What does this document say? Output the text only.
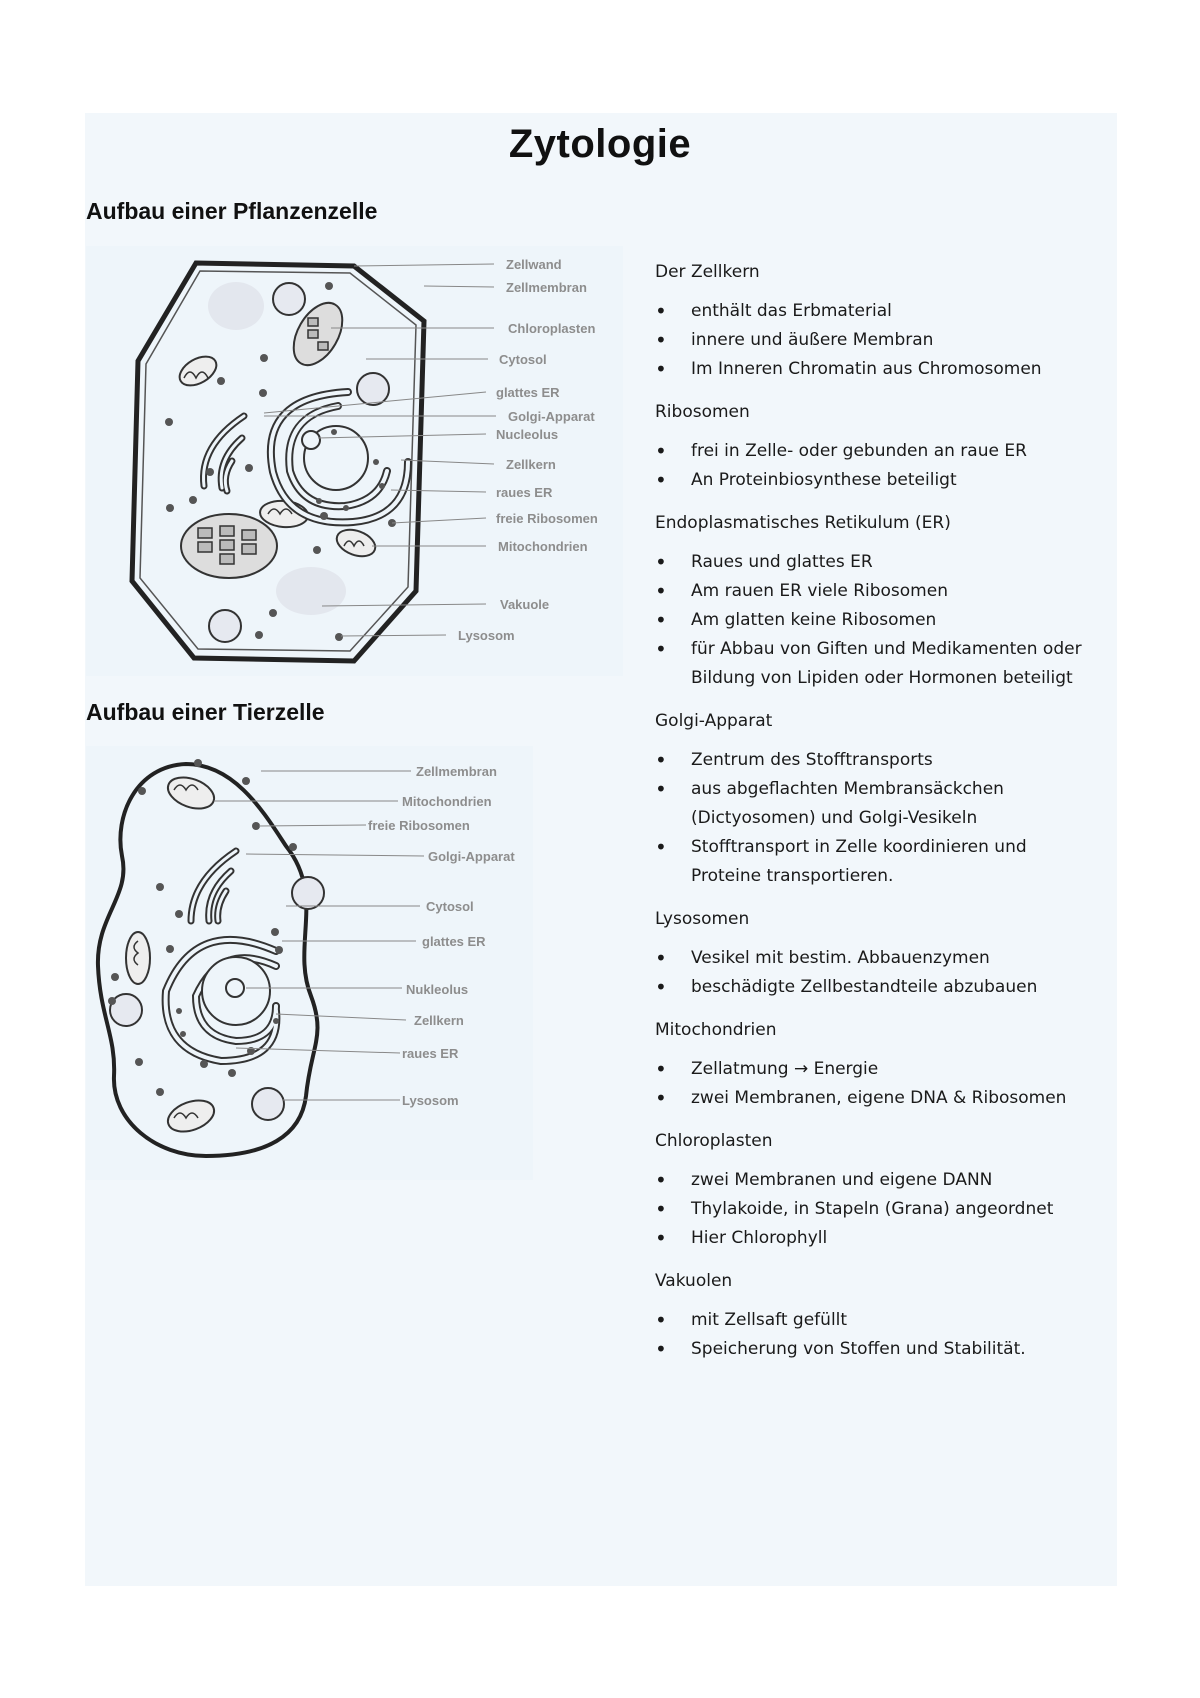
Zytologie
Aufbau einer Pflanzenzelle
Zellwand
Zellmembran
Chloroplasten
Cytosol
glattes ER
Golgi-Apparat
Nucleolus
Zellkern
raues ER
freie Ribosomen
Mitochondrien
Vakuole
Lysosom
Aufbau einer Tierzelle
Zellmembran
Mitochondrien
freie Ribosomen
Golgi-Apparat
Cytosol
glattes ER
Nukleolus
Zellkern
raues ER
Lysosom
Der Zellkern
• enthält das Erbmaterial
• innere und äußere Membran
• Im Inneren Chromatin aus Chromosomen
Ribosomen
• frei in Zelle- oder gebunden an raue ER
• An Proteinbiosynthese beteiligt
Endoplasmatisches Retikulum (ER)
• Raues und glattes ER
• Am rauen ER viele Ribosomen
• Am glatten keine Ribosomen
• für Abbau von Giften und Medikamenten oder Bildung von Lipiden oder Hormonen beteiligt
Golgi-Apparat
• Zentrum des Stofftransports
• aus abgeflachten Membransäckchen (Dictyosomen) und Golgi-Vesikeln
• Stofftransport in Zelle koordinieren und Proteine transportieren.
Lysosomen
• Vesikel mit bestim. Abbauenzymen
• beschädigte Zellbestandteile abzubauen
Mitochondrien
• Zellatmung → Energie
• zwei Membranen, eigene DNA & Ribosomen
Chloroplasten
• zwei Membranen und eigene DANN
• Thylakoide, in Stapeln (Grana) angeordnet
• Hier Chlorophyll
Vakuolen
• mit Zellsaft gefüllt
• Speicherung von Stoffen und Stabilität.
